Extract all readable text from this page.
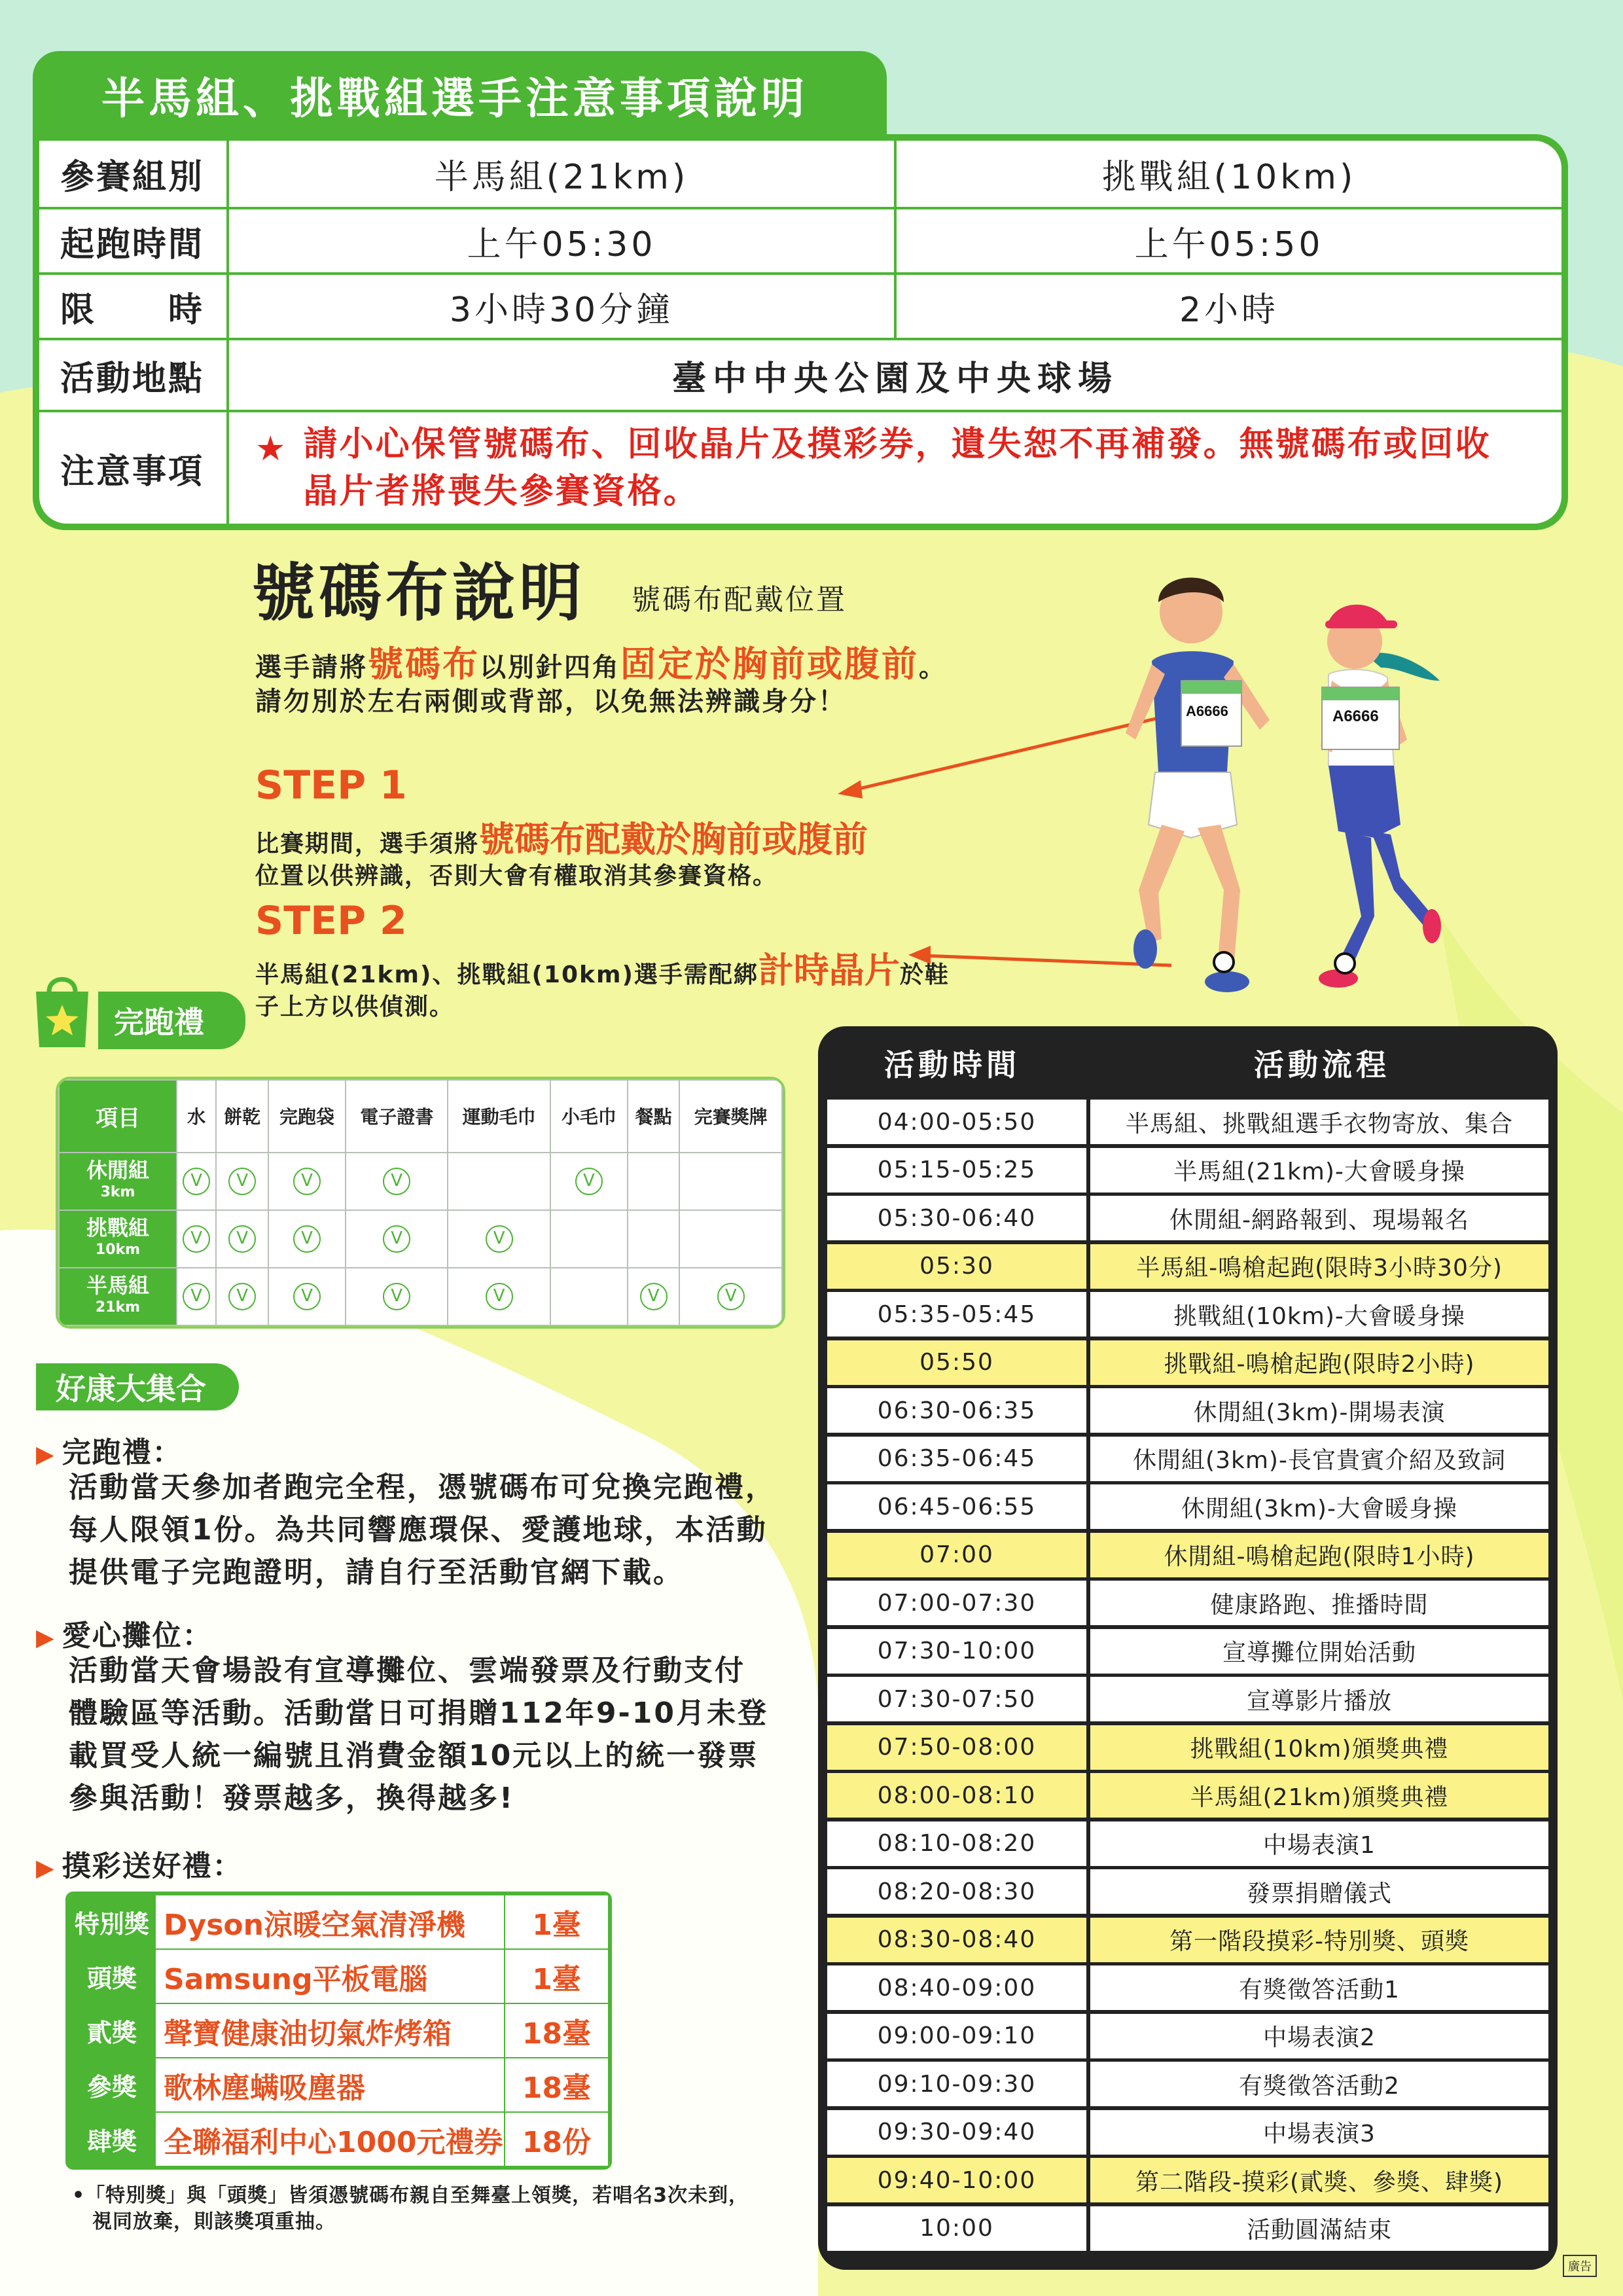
半馬組、挑戰組選手注意事項說明
參賽組別	半馬組(21km)	挑戰組(10km)
起跑時間	上午05:30	上午05:50
限　　時	3小時30分鐘	2小時
活動地點	臺中中央公園及中央球場
注意事項
★ 請小心保管號碼布、回收晶片及摸彩券，遺失恕不再補發。無號碼布或回收
晶片者將喪失參賽資格。
號碼布說明 號碼布配戴位置
選手請將號碼布以別針四角固定於胸前或腹前。
請勿別於左右兩側或背部，以免無法辨識身分！
STEP 1
比賽期間，選手須將號碼布配戴於胸前或腹前
位置以供辨識，否則大會有權取消其參賽資格。
STEP 2
半馬組(21km)、挑戰組(10km)選手需配綁計時晶片於鞋
子上方以供偵測。
A6666
A6666
完跑禮
項目	水	餅乾	完跑袋	電子證書	運動毛巾	小毛巾	餐點	完賽獎牌
休閒組
3km	V	V	V	V		V		
挑戰組
10km	V	V	V	V	V			
半馬組
21km	V	V	V	V	V		V	V
好康大集合
▶ 完跑禮：
活動當天參加者跑完全程，憑號碼布可兌換完跑禮，
每人限領1份。為共同響應環保、愛護地球，本活動
提供電子完跑證明，請自行至活動官網下載。
▶ 愛心攤位：
活動當天會場設有宣導攤位、雲端發票及行動支付
體驗區等活動。活動當日可捐贈112年9-10月未登
載買受人統一編號且消費金額10元以上的統一發票
參與活動！發票越多，換得越多!
▶ 摸彩送好禮：
特別獎	Dyson涼暖空氣清淨機	1臺
頭獎	Samsung平板電腦	1臺
貳獎	聲寶健康油切氣炸烤箱	18臺
參獎	歌林塵螨吸塵器	18臺
肆獎	全聯福利中心1000元禮券	18份
•「特別獎」與「頭獎」皆須憑號碼布親自至舞臺上領獎，若唱名3次未到，
　視同放棄，則該獎項重抽。
活動時間	活動流程
04:00-05:50	半馬組、挑戰組選手衣物寄放、集合
05:15-05:25	半馬組(21km)-大會暖身操
05:30-06:40	休閒組-網路報到、現場報名
05:30	半馬組-鳴槍起跑(限時3小時30分)
05:35-05:45	挑戰組(10km)-大會暖身操
05:50	挑戰組-鳴槍起跑(限時2小時)
06:30-06:35	休閒組(3km)-開場表演
06:35-06:45	休閒組(3km)-長官貴賓介紹及致詞
06:45-06:55	休閒組(3km)-大會暖身操
07:00	休閒組-鳴槍起跑(限時1小時)
07:00-07:30	健康路跑、推播時間
07:30-10:00	宣導攤位開始活動
07:30-07:50	宣導影片播放
07:50-08:00	挑戰組(10km)頒獎典禮
08:00-08:10	半馬組(21km)頒獎典禮
08:10-08:20	中場表演1
08:20-08:30	發票捐贈儀式
08:30-08:40	第一階段摸彩-特別獎、頭獎
08:40-09:00	有獎徵答活動1
09:00-09:10	中場表演2
09:10-09:30	有獎徵答活動2
09:30-09:40	中場表演3
09:40-10:00	第二階段-摸彩(貳獎、參獎、肆獎)
10:00	活動圓滿結束
廣告
